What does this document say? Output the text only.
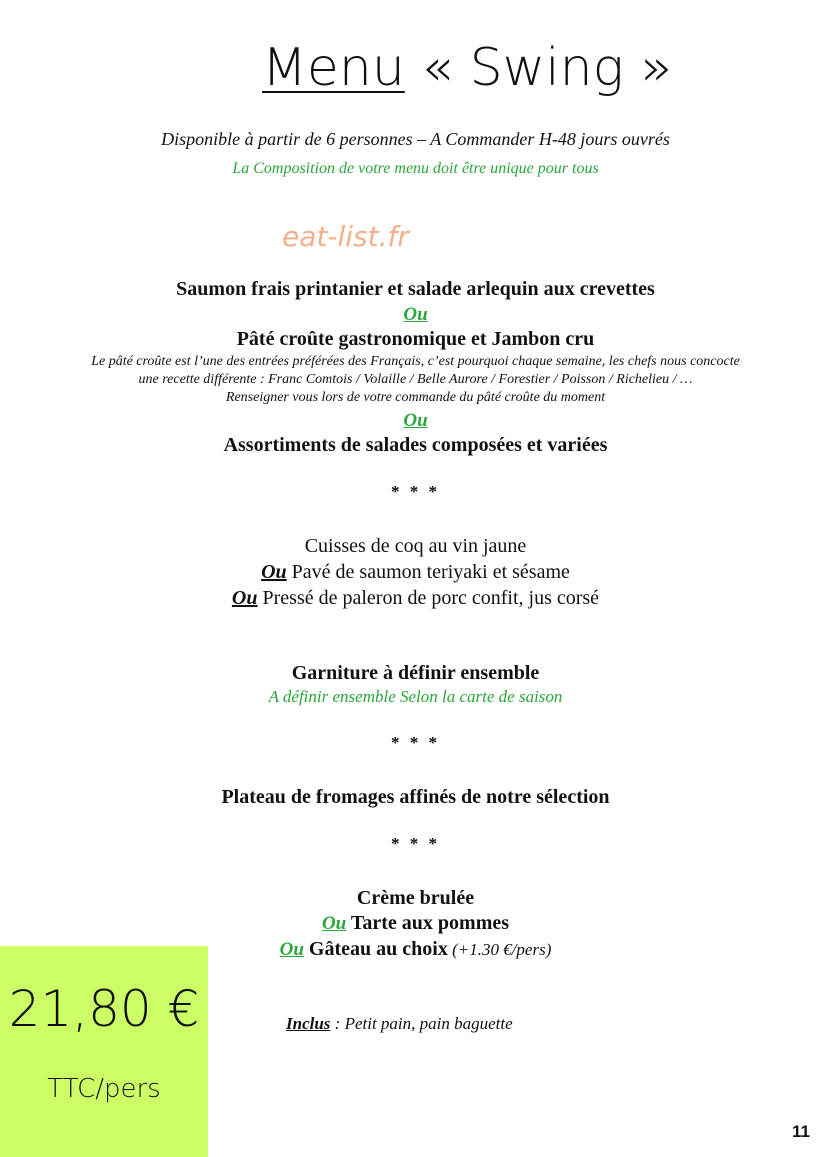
Menu « Swing »
Disponible à partir de 6 personnes – A Commander H-48 jours ouvrés
La Composition de votre menu doit être unique pour tous
eat-list.fr
Saumon frais printanier et salade arlequin aux crevettes
Ou
Pâté croûte gastronomique et Jambon cru
Le pâté croûte est l’une des entrées préférées des Français, c’est pourquoi chaque semaine, les chefs nous concocte
une recette différente : Franc Comtois / Volaille / Belle Aurore / Forestier / Poisson / Richelieu / …
Renseigner vous lors de votre commande du pâté croûte du moment
Ou
Assortiments de salades composées et variées
* * *
Cuisses de coq au vin jaune
Ou Pavé de saumon teriyaki et sésame
Ou Pressé de paleron de porc confit, jus corsé
Garniture à définir ensemble
A définir ensemble Selon la carte de saison
* * *
Plateau de fromages affinés de notre sélection
* * *
Crème brulée
Ou Tarte aux pommes
Ou Gâteau au choix (+1.30 €/pers)
21,80 €
TTC/pers
Inclus : Petit pain, pain baguette
11
